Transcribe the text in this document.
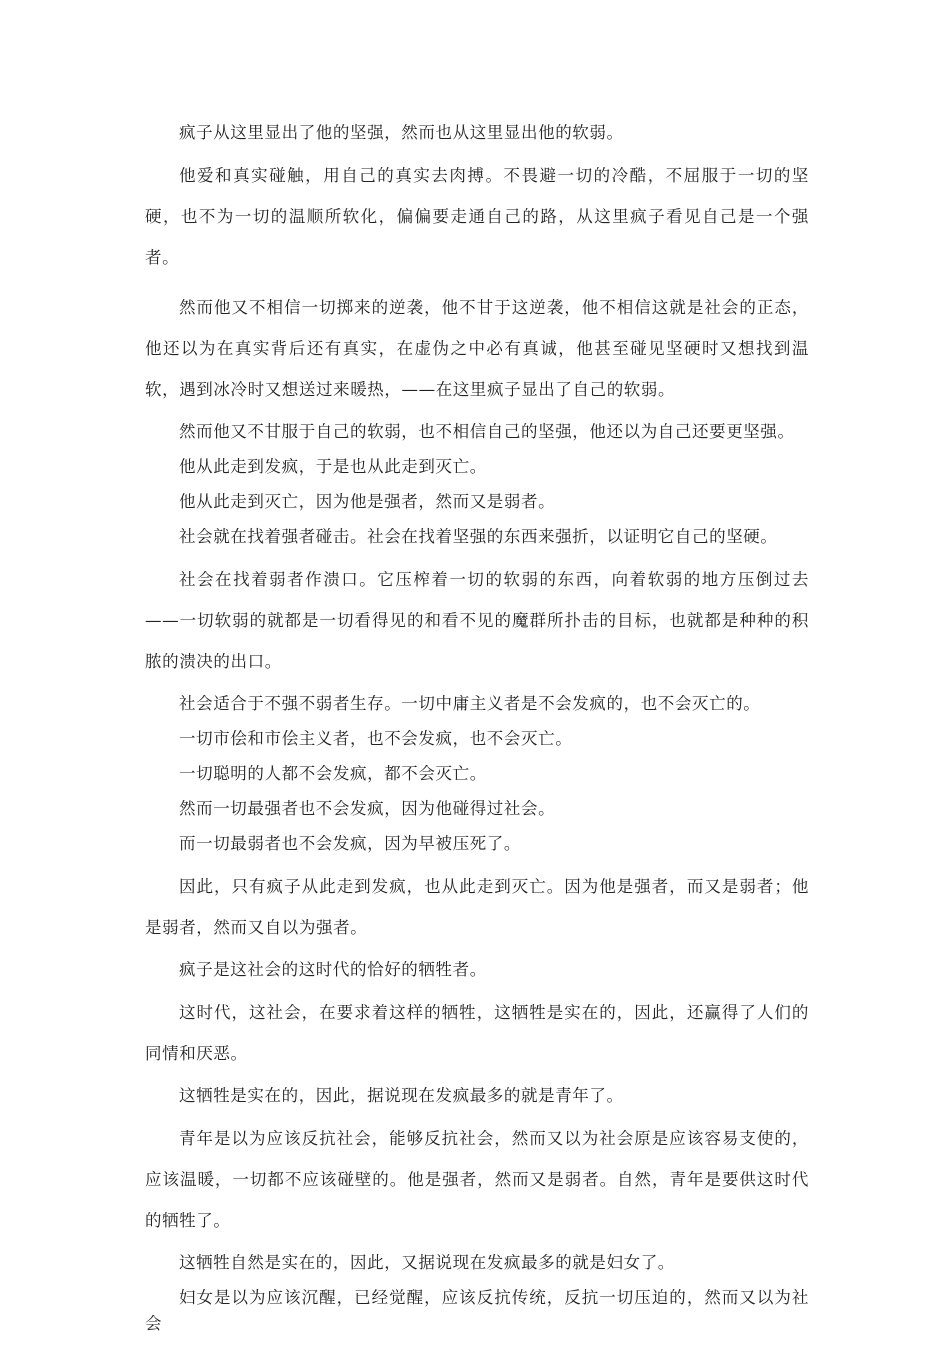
疯子从这里显出了他的坚强，然而也从这里显出他的软弱。

他爱和真实碰触，用自己的真实去肉搏。不畏避一切的冷酷，不屈服于一切的坚硬，也不为一切的温顺所软化，偏偏要走通自己的路，从这里疯子看见自己是一个强者。

然而他又不相信一切掷来的逆袭，他不甘于这逆袭，他不相信这就是社会的正态，他还以为在真实背后还有真实，在虚伪之中必有真诚，他甚至碰见坚硬时又想找到温软，遇到冰冷时又想送过来暖热，——在这里疯子显出了自己的软弱。

然而他又不甘服于自己的软弱，也不相信自己的坚强，他还以为自己还要更坚强。

他从此走到发疯，于是也从此走到灭亡。

他从此走到灭亡，因为他是强者，然而又是弱者。

社会就在找着强者碰击。社会在找着坚强的东西来强折，以证明它自己的坚硬。

社会在找着弱者作溃口。它压榨着一切的软弱的东西，向着软弱的地方压倒过去——一切软弱的就都是一切看得见的和看不见的魔群所扑击的目标，也就都是种种的积脓的溃决的出口。

社会适合于不强不弱者生存。一切中庸主义者是不会发疯的，也不会灭亡的。

一切市侩和市侩主义者，也不会发疯，也不会灭亡。

一切聪明的人都不会发疯，都不会灭亡。

然而一切最强者也不会发疯，因为他碰得过社会。

而一切最弱者也不会发疯，因为早被压死了。

因此，只有疯子从此走到发疯，也从此走到灭亡。因为他是强者，而又是弱者；他是弱者，然而又自以为强者。

疯子是这社会的这时代的恰好的牺牲者。

这时代，这社会，在要求着这样的牺牲，这牺牲是实在的，因此，还赢得了人们的同情和厌恶。

这牺牲是实在的，因此，据说现在发疯最多的就是青年了。

青年是以为应该反抗社会，能够反抗社会，然而又以为社会原是应该容易支使的，应该温暖，一切都不应该碰壁的。他是强者，然而又是弱者。自然，青年是要供这时代的牺牲了。

这牺牲自然是实在的，因此，又据说现在发疯最多的就是妇女了。

妇女是以为应该沉醒，已经觉醒，应该反抗传统，反抗一切压迫的，然而又以为社会
